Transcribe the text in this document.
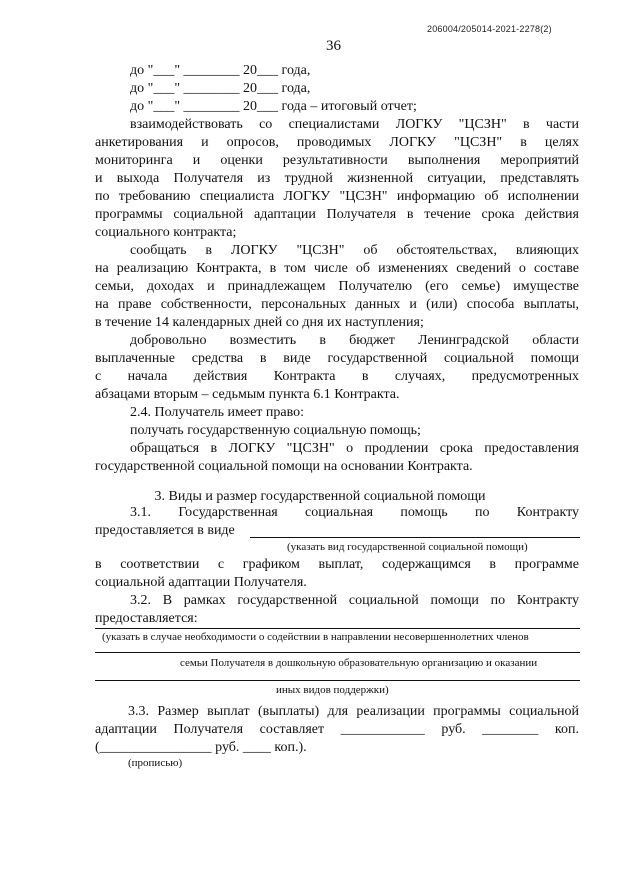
206004/205014-2021-2278(2)
36
до "___" ________ 20___ года,
до "___" ________ 20___ года,
до "___" ________ 20___ года – итоговый отчет;
взаимодействовать со специалистами ЛОГКУ "ЦСЗН" в части
анкетирования и опросов, проводимых ЛОГКУ "ЦСЗН" в целях
мониторинга и оценки результативности выполнения мероприятий
и выхода Получателя из трудной жизненной ситуации, представлять
по требованию специалиста ЛОГКУ "ЦСЗН" информацию об исполнении
программы социальной адаптации Получателя в течение срока действия
социального контракта;
сообщать в ЛОГКУ "ЦСЗН" об обстоятельствах, влияющих
на реализацию Контракта, в том числе об изменениях сведений о составе
семьи, доходах и принадлежащем Получателю (его семье) имуществе
на праве собственности, персональных данных и (или) способа выплаты,
в течение 14 календарных дней со дня их наступления;
добровольно возместить в бюджет Ленинградской области
выплаченные средства в виде государственной социальной помощи
с начала действия Контракта в случаях, предусмотренных
абзацами вторым – седьмым пункта 6.1 Контракта.
2.4. Получатель имеет право:
получать государственную социальную помощь;
обращаться в ЛОГКУ "ЦСЗН" о продлении срока предоставления
государственной социальной помощи на основании Контракта.
3. Виды и размер государственной социальной помощи
3.1. Государственная социальная помощь по Контракту
предоставляется в виде
(указать вид государственной социальной помощи)
в соответствии с графиком выплат, содержащимся в программе
социальной адаптации Получателя.
3.2. В рамках государственной социальной помощи по Контракту
предоставляется:
(указать в случае необходимости о содействии в направлении несовершеннолетних членов
семьи Получателя в дошкольную образовательную организацию и оказании
иных видов поддержки)
3.3. Размер выплат (выплаты) для реализации программы социальной
адаптации Получателя составляет ____________ руб. ________ коп.
(________________ руб. ____ коп.).
(прописью)
